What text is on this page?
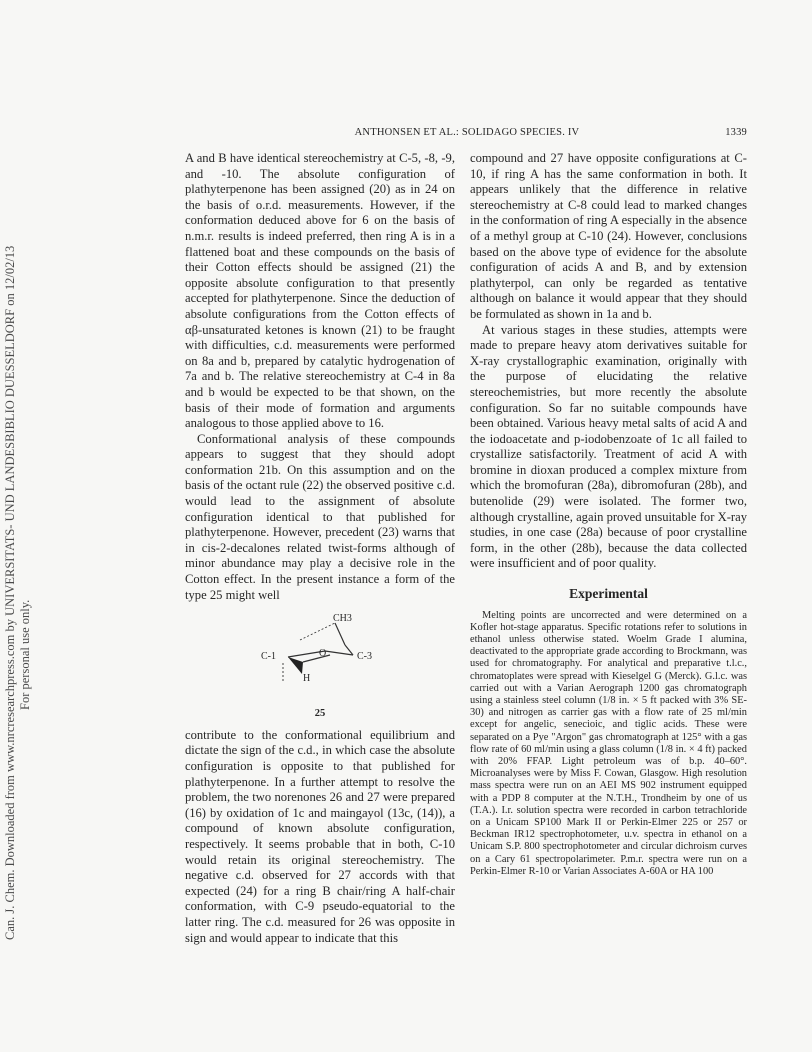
ANTHONSEN ET AL.: SOLIDAGO SPECIES. IV	1339
Can. J. Chem. Downloaded from www.nrcresearchpress.com by UNIVERSITATS- UND LANDESBIBLIO DUESSELDORF on 12/02/13 For personal use only.

A and B have identical stereochemistry at C-5, -8, -9, and -10. The absolute configuration of plathyterpenone has been assigned (20) as in 24 on the basis of o.r.d. measurements. However, if the conformation deduced above for 6 on the basis of n.m.r. results is indeed preferred, then ring A is in a flattened boat and these compounds on the basis of their Cotton effects should be assigned (21) the opposite absolute configuration to that presently accepted for plathyterpenone. Since the deduction of absolute configurations from the Cotton effects of αβ-unsaturated ketones is known (21) to be fraught with difficulties, c.d. measurements were performed on 8a and b, prepared by catalytic hydrogenation of 7a and b. The relative stereochemistry at C-4 in 8a and b would be expected to be that shown, on the basis of their mode of formation and arguments analogous to those applied above to 16.

Conformational analysis of these compounds appears to suggest that they should adopt conformation 21b. On this assumption and on the basis of the octant rule (22) the observed positive c.d. would lead to the assignment of absolute configuration identical to that published for plathyterpenone. However, precedent (23) warns that in cis-2-decalones related twist-forms although of minor abundance may play a decisive role in the Cotton effect. In the present instance a form of the type 25 might well

CH3
C-1	O	C-3
H
25

contribute to the conformational equilibrium and dictate the sign of the c.d., in which case the absolute configuration is opposite to that published for plathyterpenone. In a further attempt to resolve the problem, the two norenones 26 and 27 were prepared (16) by oxidation of 1c and maingayol (13c, (14)), a compound of known absolute configuration, respectively. It seems probable that in both, C-10 would retain its original stereochemistry. The negative c.d. observed for 27 accords with that expected (24) for a ring B chair/ring A half-chair conformation, with C-9 pseudo-equatorial to the latter ring. The c.d. measured for 26 was opposite in sign and would appear to indicate that this

compound and 27 have opposite configurations at C-10, if ring A has the same conformation in both. It appears unlikely that the difference in relative stereochemistry at C-8 could lead to marked changes in the conformation of ring A especially in the absence of a methyl group at C-10 (24). However, conclusions based on the above type of evidence for the absolute configuration of acids A and B, and by extension plathyterpol, can only be regarded as tentative although on balance it would appear that they should be formulated as shown in 1a and b.

At various stages in these studies, attempts were made to prepare heavy atom derivatives suitable for X-ray crystallographic examination, originally with the purpose of elucidating the relative stereochemistries, but more recently the absolute configuration. So far no suitable compounds have been obtained. Various heavy metal salts of acid A and the iodoacetate and p-iodobenzoate of 1c all failed to crystallize satisfactorily. Treatment of acid A with bromine in dioxan produced a complex mixture from which the bromofuran (28a), dibromofuran (28b), and butenolide (29) were isolated. The former two, although crystalline, again proved unsuitable for X-ray studies, in one case (28a) because of poor crystalline form, in the other (28b), because the data collected were insufficient and of poor quality.

Experimental

Melting points are uncorrected and were determined on a Kofler hot-stage apparatus. Specific rotations refer to solutions in ethanol unless otherwise stated. Woelm Grade I alumina, deactivated to the appropriate grade according to Brockmann, was used for chromatography. For analytical and preparative t.l.c., chromatoplates were spread with Kieselgel G (Merck). G.l.c. was carried out with a Varian Aerograph 1200 gas chromatograph using a stainless steel column (1/8 in. × 5 ft packed with 3% SE-30) and nitrogen as carrier gas with a flow rate of 25 ml/min except for angelic, senecioic, and tiglic acids. These were separated on a Pye "Argon" gas chromatograph at 125° with a gas flow rate of 60 ml/min using a glass column (1/8 in. × 4 ft) packed with 20% FFAP. Light petroleum was of b.p. 40–60°. Microanalyses were by Miss F. Cowan, Glasgow. High resolution mass spectra were run on an AEI MS 902 instrument equipped with a PDP 8 computer at the N.T.H., Trondheim by one of us (T.A.). I.r. solution spectra were recorded in carbon tetrachloride on a Unicam SP100 Mark II or Perkin-Elmer 225 or 257 or Beckman IR12 spectrophotometer, u.v. spectra in ethanol on a Unicam S.P. 800 spectrophotometer and circular dichroism curves on a Cary 61 spectropolarimeter. P.m.r. spectra were run on a Perkin-Elmer R-10 or Varian Associates A-60A or HA 100
